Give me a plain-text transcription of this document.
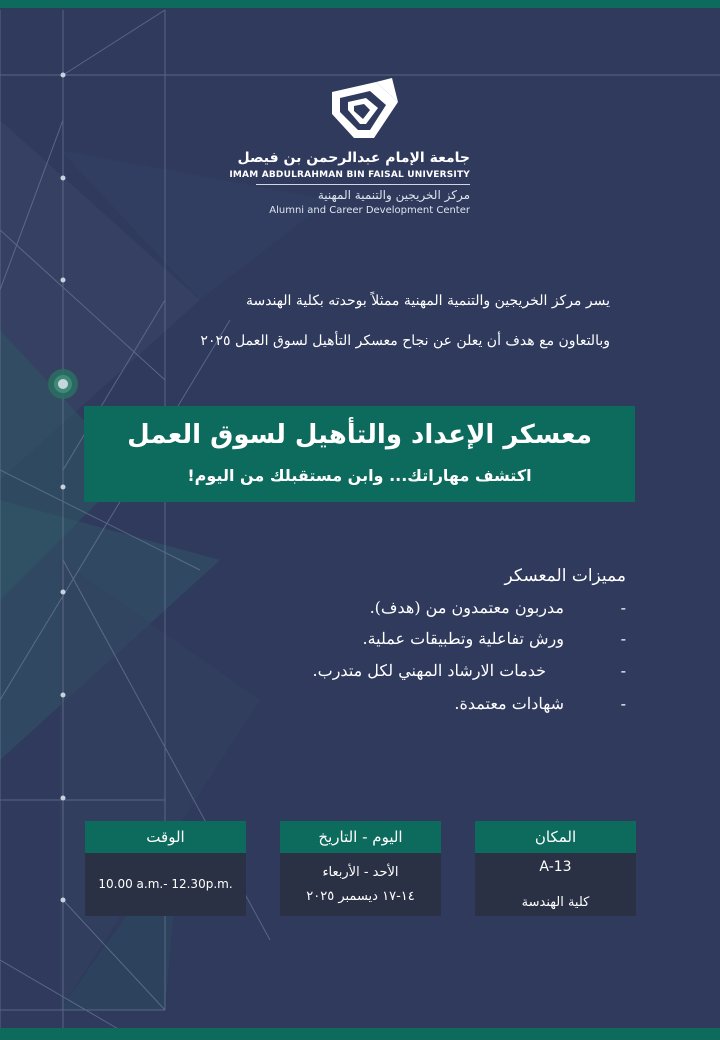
جامعة الإمام عبدالرحمن بن فيصل
IMAM ABDULRAHMAN BIN FAISAL UNIVERSITY
مركز الخريجين والتنمية المهنية
Alumni and Career Development Center
يسر مركز الخريجين والتنمية المهنية ممثلاً بوحدته بكلية الهندسة
وبالتعاون مع هدف أن يعلن عن نجاح معسكر التأهيل لسوق العمل ٢٠٢٥
معسكر الإعداد والتأهيل لسوق العمل
اكتشف مهاراتك... وابن مستقبلك من اليوم!
مميزات المعسكر
-
مدربون معتمدون من (هدف).
-
ورش تفاعلية وتطبيقات عملية.
-
خدمات الارشاد المهني لكل متدرب.
-
شهادات معتمدة.
المكان
A-13
كلية الهندسة
اليوم - التاريخ
الأحد - الأربعاء
١٤-١٧ ديسمبر ٢٠٢٥
الوقت
10.00 a.m.- 12.30p.m.
